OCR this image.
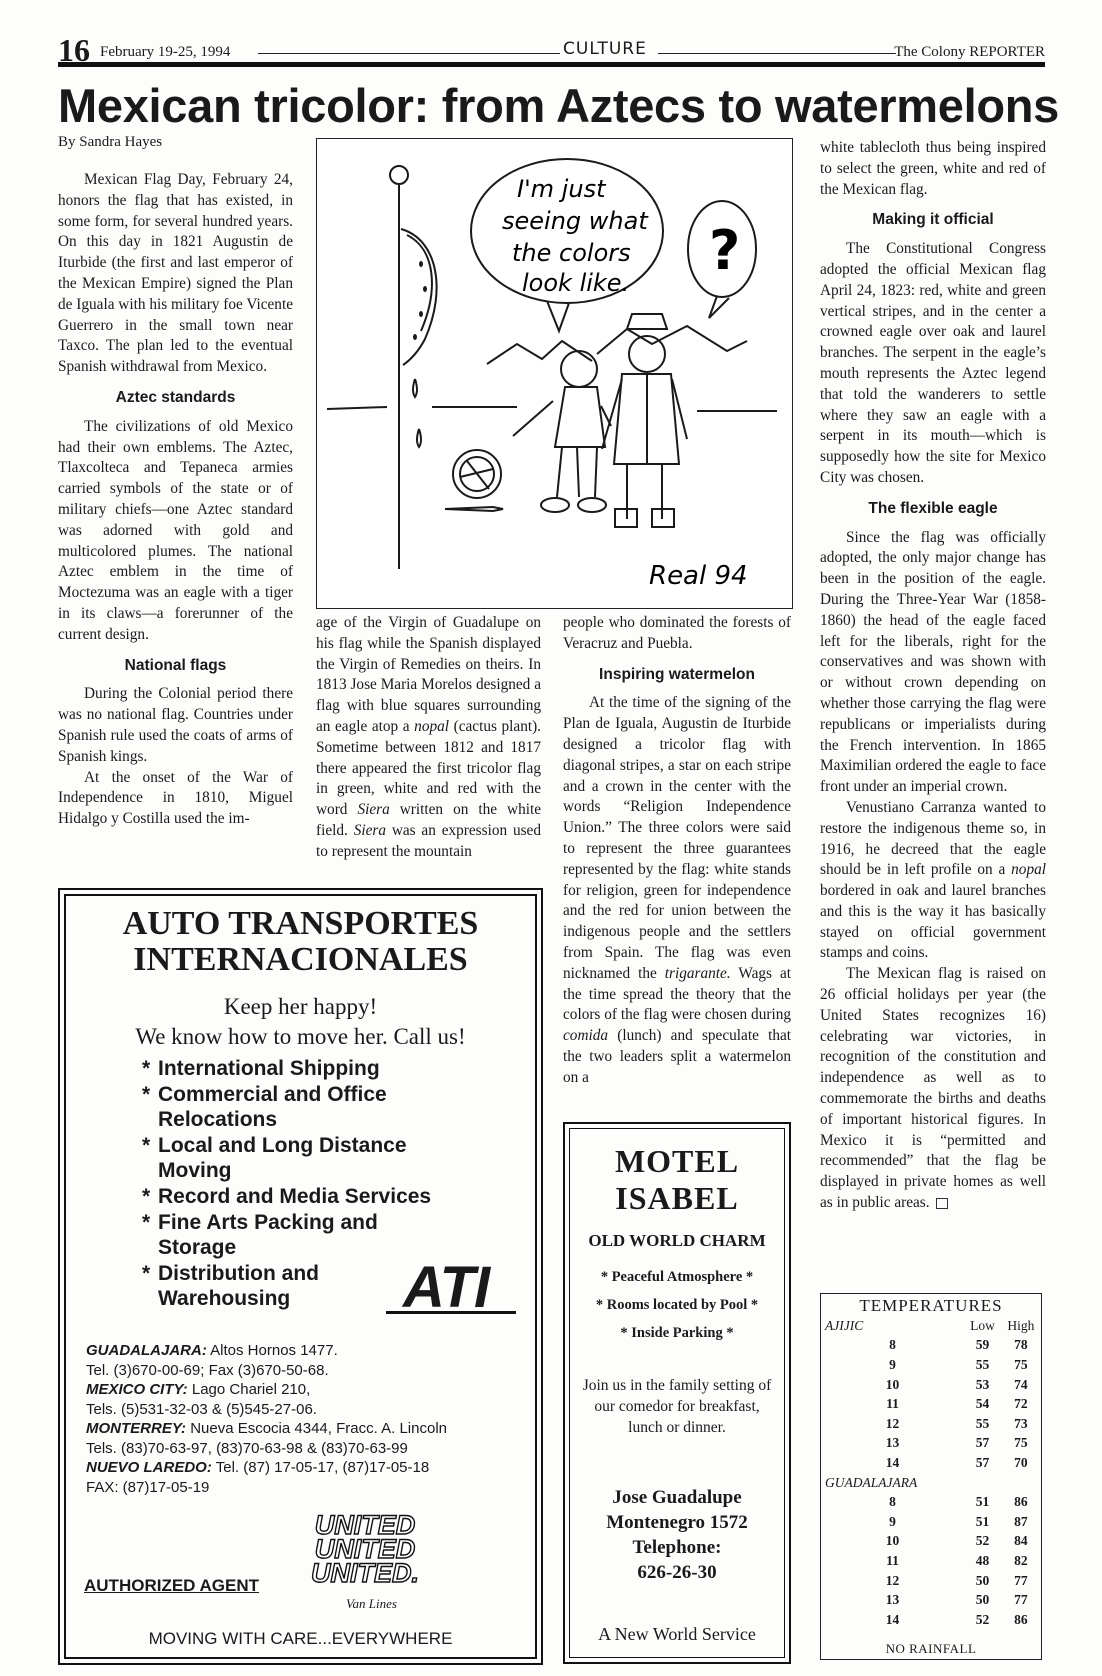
16 February 19-25, 1994	CULTURE	The Colony REPORTER
Mexican tricolor: from Aztecs to watermelons
By Sandra Hayes

Mexican Flag Day, February 24, honors the flag that has existed, in some form, for several hundred years. On this day in 1821 Augustin de Iturbide (the first and last emperor of the Mexican Empire) signed the Plan de Iguala with his military foe Vicente Guerrero in the small town near Taxco. The plan led to the eventual Spanish withdrawal from Mexico.

Aztec standards

The civilizations of old Mexico had their own emblems. The Aztec, Tlaxcolteca and Tepaneca armies carried symbols of the state or of military chiefs—one Aztec standard was adorned with gold and multicolored plumes. The national Aztec emblem in the time of Moctezuma was an eagle with a tiger in its claws—a forerunner of the current design.

National flags

During the Colonial period there was no national flag. Countries under Spanish rule used the coats of arms of Spanish kings.

At the onset of the War of Independence in 1810, Miguel Hidalgo y Costilla used the im-

I'm just
seeing what
the colors
look like.
?
Real 94

age of the Virgin of Guadalupe on his flag while the Spanish displayed the Virgin of Remedies on theirs. In 1813 Jose Maria Morelos designed a flag with blue squares surrounding an eagle atop a nopal (cactus plant). Sometime between 1812 and 1817 there appeared the first tricolor flag in green, white and red with the word Siera written on the white field. Siera was an expression used to represent the mountain

people who dominated the forests of Veracruz and Puebla.

Inspiring watermelon

At the time of the signing of the Plan de Iguala, Augustin de Iturbide designed a tricolor flag with diagonal stripes, a star on each stripe and a crown in the center with the words “Religion Independence Union.” The three colors were said to represent the three guarantees represented by the flag: white stands for religion, green for independence and the red for union between the indigenous people and the settlers from Spain. The flag was even nicknamed the trigarante. Wags at the time spread the theory that the colors of the flag were chosen during comida (lunch) and speculate that the two leaders split a watermelon on a

white tablecloth thus being inspired to select the green, white and red of the Mexican flag.

Making it official

The Constitutional Congress adopted the official Mexican flag April 24, 1823: red, white and green vertical stripes, and in the center a crowned eagle over oak and laurel branches. The serpent in the eagle’s mouth represents the Aztec legend that told the wanderers to settle where they saw an eagle with a serpent in its mouth—which is supposedly how the site for Mexico City was chosen.

The flexible eagle

Since the flag was officially adopted, the only major change has been in the position of the eagle. During the Three-Year War (1858-1860) the head of the eagle faced left for the liberals, right for the conservatives and was shown with or without crown depending on whether those carrying the flag were republicans or imperialists during the French intervention. In 1865 Maximilian ordered the eagle to face front under an imperial crown.

Venustiano Carranza wanted to restore the indigenous theme so, in 1916, he decreed that the eagle should be in left profile on a nopal bordered in oak and laurel branches and this is the way it has basically stayed on official government stamps and coins.

The Mexican flag is raised on 26 official holidays per year (the United States recognizes 16) celebrating war victories, in recognition of the constitution and independence as well as to commemorate the births and deaths of important historical figures. In Mexico it is “permitted and recommended” that the flag be displayed in private homes as well as in public areas.

AUTO TRANSPORTES
INTERNACIONALES
Keep her happy!
We know how to move her. Call us!
* International Shipping
* Commercial and Office Relocations
* Local and Long Distance Moving
* Record and Media Services
* Fine Arts Packing and Storage
* Distribution and Warehousing	ATI
GUADALAJARA: Altos Hornos 1477.
Tel. (3)670-00-69; Fax (3)670-50-68.
MEXICO CITY: Lago Chariel 210,
Tels. (5)531-32-03 & (5)545-27-06.
MONTERREY: Nueva Escocia 4344, Fracc. A. Lincoln
Tels. (83)70-63-97, (83)70-63-98 & (83)70-63-99
NUEVO LAREDO: Tel. (87) 17-05-17, (87)17-05-18
FAX: (87)17-05-19
UNITED
UNITED
UNITED.
Van Lines
AUTHORIZED AGENT
MOVING WITH CARE...EVERYWHERE
MOTEL
ISABEL
OLD WORLD CHARM
* Peaceful Atmosphere *
* Rooms located by Pool *
* Inside Parking *
Join us in the family setting of our comedor for breakfast, lunch or dinner.
Jose Guadalupe
Montenegro 1572
Telephone:
626-26-30
A New World Service
TEMPERATURES
AJIJIC	Low	High
8	59	78
9	55	75
10	53	74
11	54	72
12	55	73
13	57	75
14	57	70
GUADALAJARA		
8	51	86
9	51	87
10	52	84
11	48	82
12	50	77
13	50	77
14	52	86
NO RAINFALL
